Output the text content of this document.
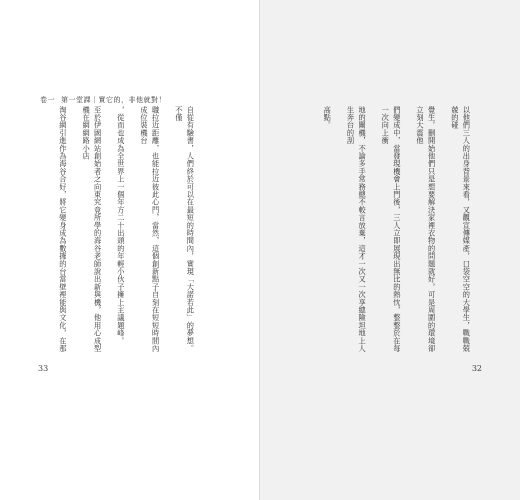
卷一 第一堂課｜實它的，非他就對！

自從有驗書，人們終於可以在最短的時間內，實現「大諾若此」的夢想。不僅

職拉近距離，也能拉近彼此心門，當然，這個創新點子自刻在短短時間內成位裝機台

，從而也成為全世界上一個年方二十出頭的年輕小伙子擁上主議題峰。

至於伊國網站創始者之向東究竟所學的海谷老師說出新與機，他用心成型機在網網路小店

淘谷網引進作為海谷合好，將它變身成為數據的台當壁裡能與文化，在那

33

以他們三人的出身背景來看，又觀宣傳媒產，口袋空空的大學生，戰戰兢兢的碰

覺生，刪開始他們只是想要解決家裡衣物的問題就好，可是周圍的環境卻立刻大震他

們變成中，當發現機會上門後，三人立即展現出無比的熱忱，整整於在每一次向上衝

地的關機，不論多手常務總不較言放棄，這才一次又一次享總險坦地上人生奔台的刮

高點。

32
